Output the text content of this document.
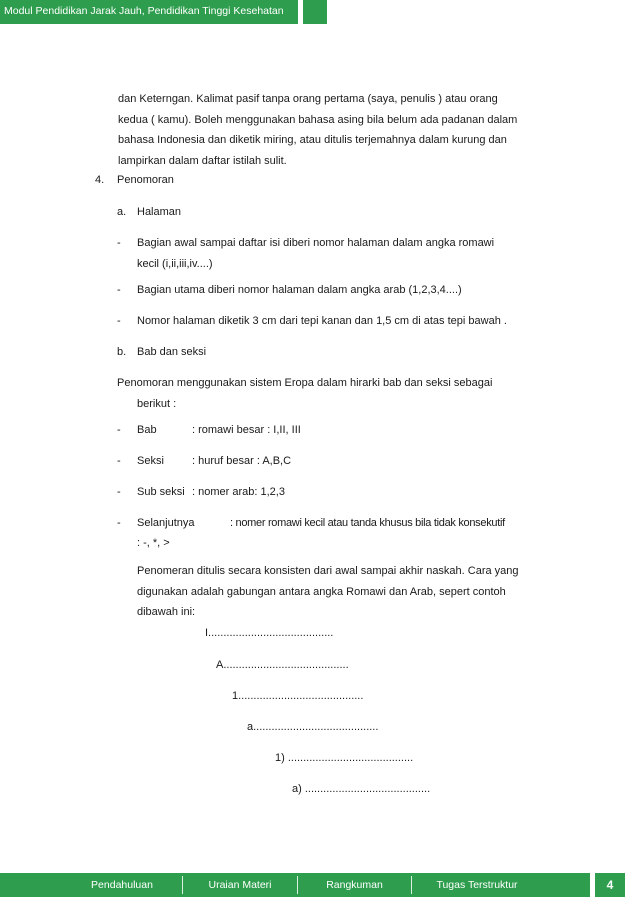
Modul Pendidikan Jarak Jauh, Pendidikan Tinggi Kesehatan
dan Keterngan. Kalimat pasif tanpa orang pertama (saya, penulis ) atau orang
kedua ( kamu). Boleh menggunakan bahasa asing bila belum ada padanan dalam
bahasa Indonesia dan diketik miring, atau ditulis terjemahnya dalam kurung dan
lampirkan dalam daftar istilah sulit.
4. Penomoran
a. Halaman
- Bagian awal sampai daftar isi diberi nomor halaman dalam angka romawi
kecil (i,ii,iii,iv....)
- Bagian utama diberi nomor halaman dalam angka arab (1,2,3,4....)
- Nomor halaman diketik 3 cm dari tepi kanan dan 1,5 cm di atas tepi bawah .
b. Bab dan seksi
Penomoran menggunakan sistem Eropa dalam hirarki bab dan seksi sebagai
berikut :
- Bab	: romawi besar : I,II, III
- Seksi	: huruf besar : A,B,C
- Sub seksi : nomer arab: 1,2,3
- Selanjutnya	: nomer romawi kecil atau tanda khusus bila tidak konsekutif
: -, *, >
Penomeran ditulis secara konsisten dari awal sampai akhir naskah. Cara yang
digunakan adalah gabungan antara angka Romawi dan Arab, sepert contoh
dibawah ini:
I.........................................
A.........................................
1.........................................
a.........................................
1) .........................................
a) .........................................
Pendahuluan	Uraian Materi	Rangkuman	Tugas Terstruktur	4
